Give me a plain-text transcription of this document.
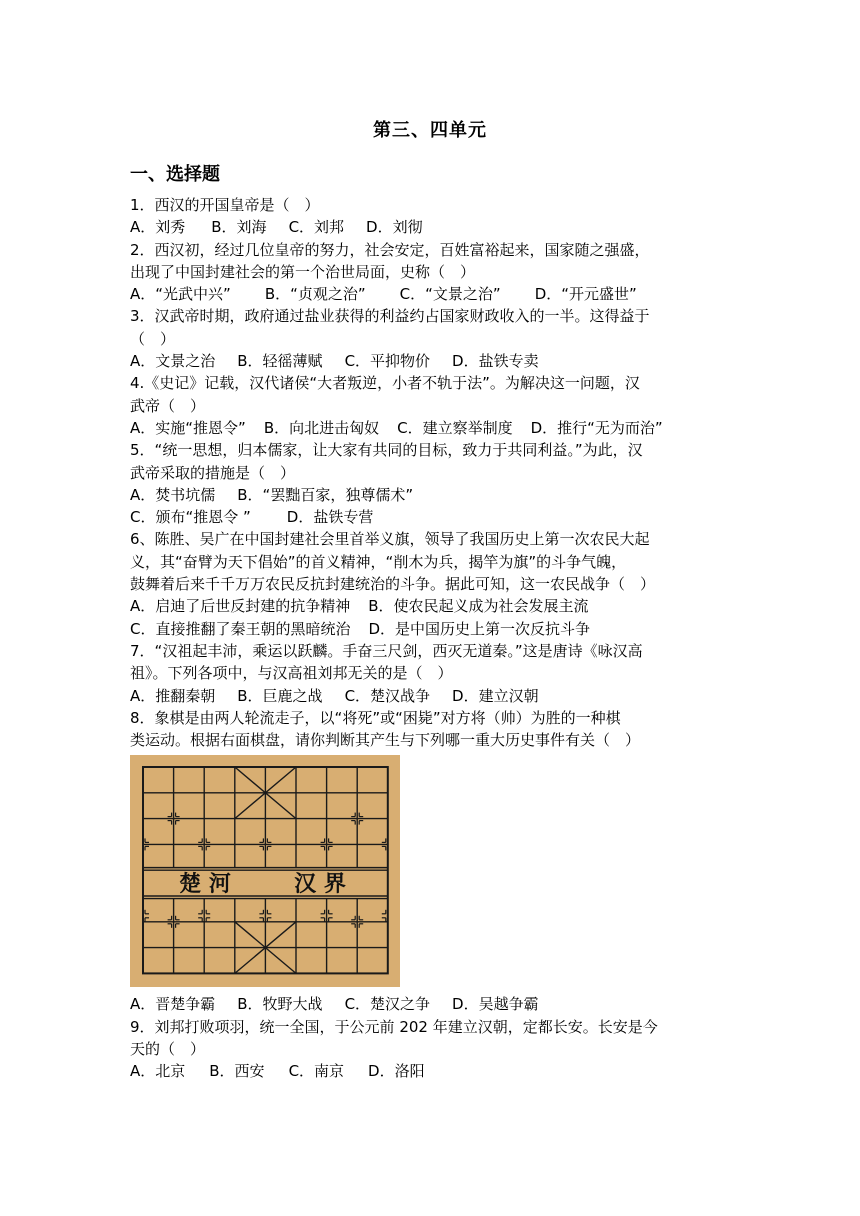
第三、四单元
一、选择题
1．西汉的开国皇帝是（　）
A．刘秀 B．刘海 C．刘邦 D．刘彻
2．西汉初，经过几位皇帝的努力，社会安定，百姓富裕起来，国家随之强盛，
出现了中国封建社会的第一个治世局面，史称（　）
A．“光武中兴” B．“贞观之治” C．“文景之治” D．“开元盛世”
3．汉武帝时期，政府通过盐业获得的利益约占国家财政收入的一半。这得益于
（　）
A．文景之治 B．轻徭薄赋 C．平抑物价 D．盐铁专卖
4.《史记》记载，汉代诸侯“大者叛逆，小者不轨于法”。为解决这一问题，汉
武帝（　）
A．实施“推恩令” B．向北进击匈奴 C．建立察举制度 D．推行“无为而治”
5．“统一思想，归本儒家，让大家有共同的目标，致力于共同利益。”为此，汉
武帝采取的措施是（　）
A．焚书坑儒 B．“罢黜百家，独尊儒术”
C．颁布“推恩令 ” D．盐铁专营
6、陈胜、吴广在中国封建社会里首举义旗，领导了我国历史上第一次农民大起
义，其“奋臂为天下倡始”的首义精神，“削木为兵，揭竿为旗”的斗争气魄，
鼓舞着后来千千万万农民反抗封建统治的斗争。据此可知，这一农民战争（　）
A．启迪了后世反封建的抗争精神 B．使农民起义成为社会发展主流
C．直接推翻了秦王朝的黑暗统治 D．是中国历史上第一次反抗斗争
7．“汉祖起丰沛，乘运以跃麟。手奋三尺剑，西灭无道秦。”这是唐诗《咏汉高
祖》。下列各项中，与汉高祖刘邦无关的是（　）
A．推翻秦朝 B．巨鹿之战 C．楚汉战争 D．建立汉朝
8．象棋是由两人轮流走子，以“将死”或“困毙”对方将（帅）为胜的一种棋
类运动。根据右面棋盘，请你判断其产生与下列哪一重大历史事件有关（　）
楚 河	汉 界
A．晋楚争霸 B．牧野大战 C．楚汉之争 D．吴越争霸
9．刘邦打败项羽，统一全国，于公元前 202 年建立汉朝，定都长安。长安是今
天的（　）
A．北京 B．西安 C．南京 D．洛阳
